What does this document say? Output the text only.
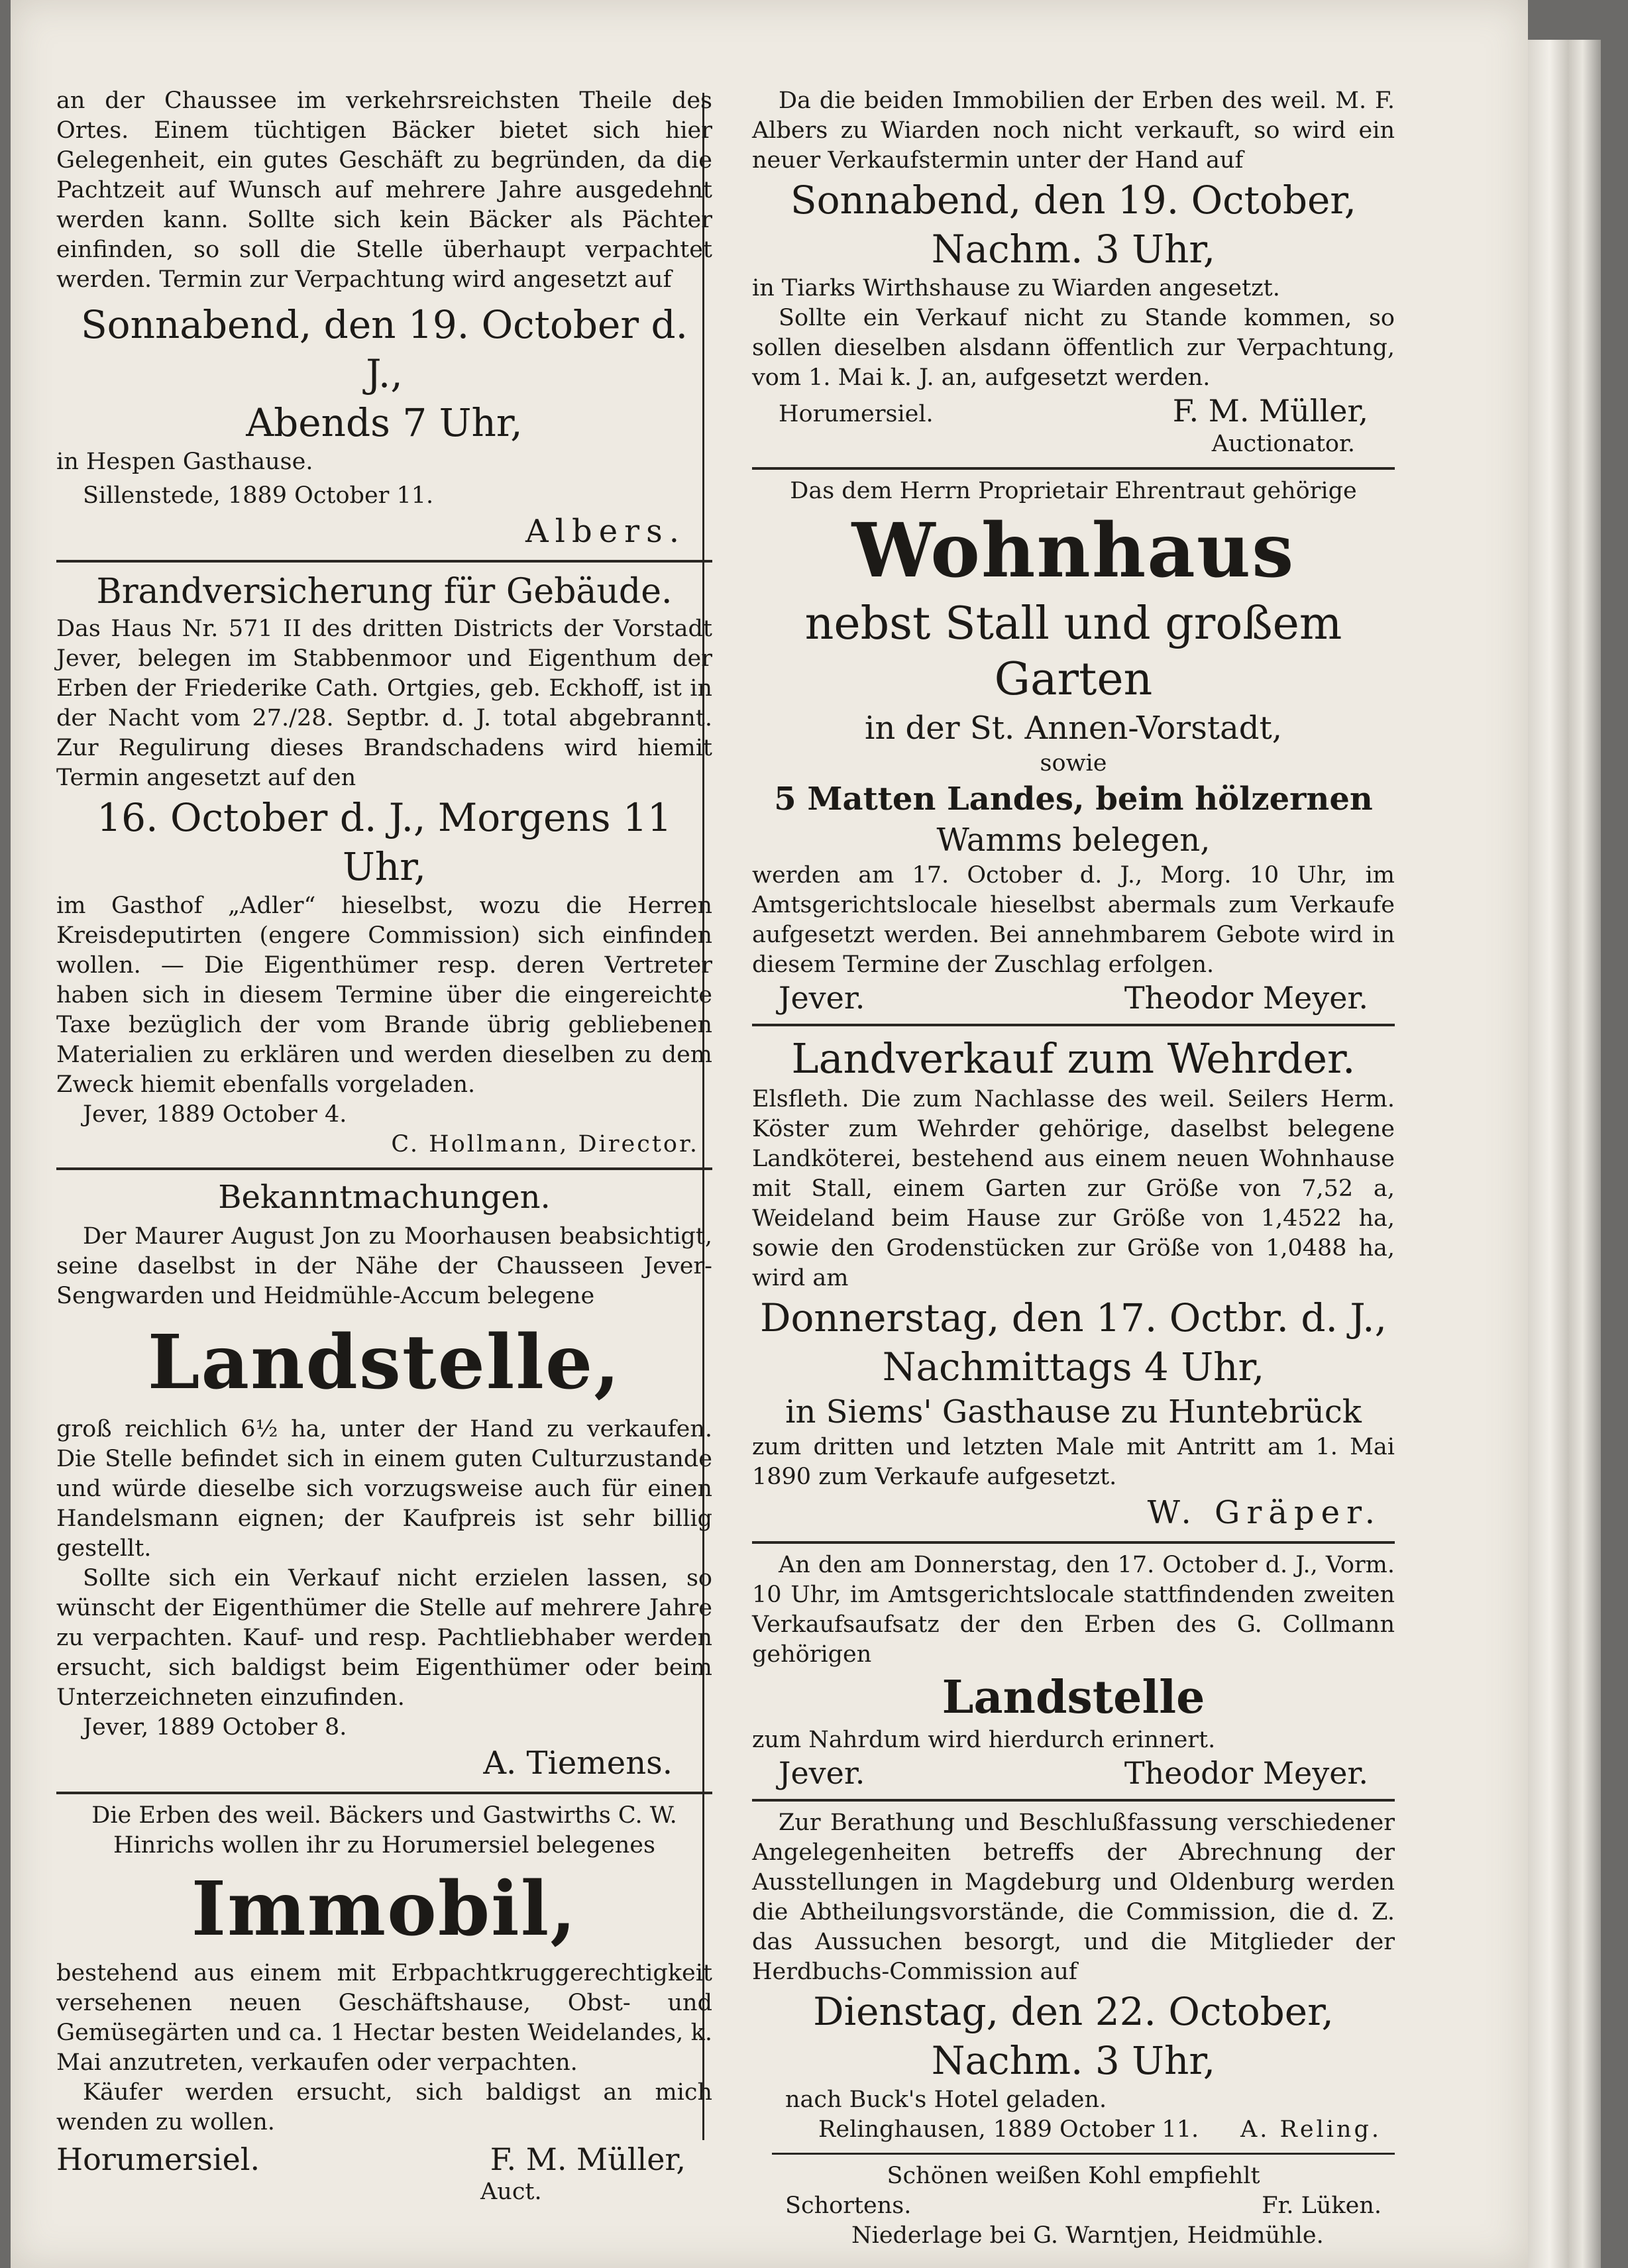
an der Chaussee im verkehrsreichsten Theile des Ortes. Einem tüchtigen Bäcker bietet sich hier Gelegenheit, ein gutes Geschäft zu begründen, da die Pachtzeit auf Wunsch auf mehrere Jahre ausgedehnt werden kann. Sollte sich kein Bäcker als Pächter einfinden, so soll die Stelle überhaupt verpachtet werden. Termin zur Verpachtung wird angesetzt auf

Sonnabend, den 19. October d. J.,

Abends 7 Uhr,

in Hespen Gasthause.

Sillenstede, 1889 October 11.

Albers.

Brandversicherung für Gebäude.

Das Haus Nr. 571 II des dritten Districts der Vorstadt Jever, belegen im Stabbenmoor und Eigenthum der Erben der Friederike Cath. Ortgies, geb. Eckhoff, ist in der Nacht vom 27./28. Septbr. d. J. total abgebrannt. Zur Regulirung dieses Brandschadens wird hiemit Termin angesetzt auf den

16. October d. J., Morgens 11 Uhr,

im Gasthof „Adler“ hieselbst, wozu die Herren Kreisdeputirten (engere Commission) sich einfinden wollen. — Die Eigenthümer resp. deren Vertreter haben sich in diesem Termine über die eingereichte Taxe bezüglich der vom Brande übrig gebliebenen Materialien zu erklären und werden dieselben zu dem Zweck hiemit ebenfalls vorgeladen.

Jever, 1889 October 4.

C. Hollmann, Director.

Bekanntmachungen.

Der Maurer August Jon zu Moorhausen beabsichtigt, seine daselbst in der Nähe der Chausseen Jever-Sengwarden und Heidmühle-Accum belegene

Landstelle,

groß reichlich 6½ ha, unter der Hand zu verkaufen. Die Stelle befindet sich in einem guten Culturzustande und würde dieselbe sich vorzugsweise auch für einen Handelsmann eignen; der Kaufpreis ist sehr billig gestellt.

Sollte sich ein Verkauf nicht erzielen lassen, so wünscht der Eigenthümer die Stelle auf mehrere Jahre zu verpachten. Kauf- und resp. Pachtliebhaber werden ersucht, sich baldigst beim Eigenthümer oder beim Unterzeichneten einzufinden.

Jever, 1889 October 8.

A. Tiemens.

Die Erben des weil. Bäckers und Gastwirths C. W. Hinrichs wollen ihr zu Horumersiel belegenes

Immobil,

bestehend aus einem mit Erbpachtkruggerechtigkeit versehenen neuen Geschäftshause, Obst- und Gemüsegärten und ca. 1 Hectar besten Weidelandes, k. Mai anzutreten, verkaufen oder verpachten.

Käufer werden ersucht, sich baldigst an mich wenden zu wollen.

Horumersiel.	F. M. Müller,

Auct.

Da die beiden Immobilien der Erben des weil. M. F. Albers zu Wiarden noch nicht verkauft, so wird ein neuer Verkaufstermin unter der Hand auf

Sonnabend, den 19. October,

Nachm. 3 Uhr,

in Tiarks Wirthshause zu Wiarden angesetzt.

Sollte ein Verkauf nicht zu Stande kommen, so sollen dieselben alsdann öffentlich zur Verpachtung, vom 1. Mai k. J. an, aufgesetzt werden.

Horumersiel.	F. M. Müller,

Auctionator.

Das dem Herrn Proprietair Ehrentraut gehörige

Wohnhaus

nebst Stall und großem Garten

in der St. Annen-Vorstadt,

sowie

5 Matten Landes, beim hölzernen

Wamms belegen,

werden am 17. October d. J., Morg. 10 Uhr, im Amtsgerichtslocale hieselbst abermals zum Verkaufe aufgesetzt werden. Bei annehmbarem Gebote wird in diesem Termine der Zuschlag erfolgen.

Jever.	Theodor Meyer.

Landverkauf zum Wehrder.

Elsfleth. Die zum Nachlasse des weil. Seilers Herm. Köster zum Wehrder gehörige, daselbst belegene Landköterei, bestehend aus einem neuen Wohnhause mit Stall, einem Garten zur Größe von 7,52 a, Weideland beim Hause zur Größe von 1,4522 ha, sowie den Grodenstücken zur Größe von 1,0488 ha, wird am

Donnerstag, den 17. Octbr. d. J.,

Nachmittags 4 Uhr,

in Siems' Gasthause zu Huntebrück

zum dritten und letzten Male mit Antritt am 1. Mai 1890 zum Verkaufe aufgesetzt.

W. Gräper.

An den am Donnerstag, den 17. October d. J., Vorm. 10 Uhr, im Amtsgerichtslocale stattfindenden zweiten Verkaufsaufsatz der den Erben des G. Collmann gehörigen

Landstelle

zum Nahrdum wird hierdurch erinnert.

Jever.	Theodor Meyer.

Zur Berathung und Beschlußfassung verschiedener Angelegenheiten betreffs der Abrechnung der Ausstellungen in Magdeburg und Oldenburg werden die Abtheilungsvorstände, die Commission, die d. Z. das Aussuchen besorgt, und die Mitglieder der Herdbuchs-Commission auf

Dienstag, den 22. October,

Nachm. 3 Uhr,

nach Buck's Hotel geladen.

Relinghausen, 1889 October 11. A. Reling.

Schönen weißen Kohl empfiehlt

Schortens.	Fr. Lüken.

Niederlage bei G. Warntjen, Heidmühle.
